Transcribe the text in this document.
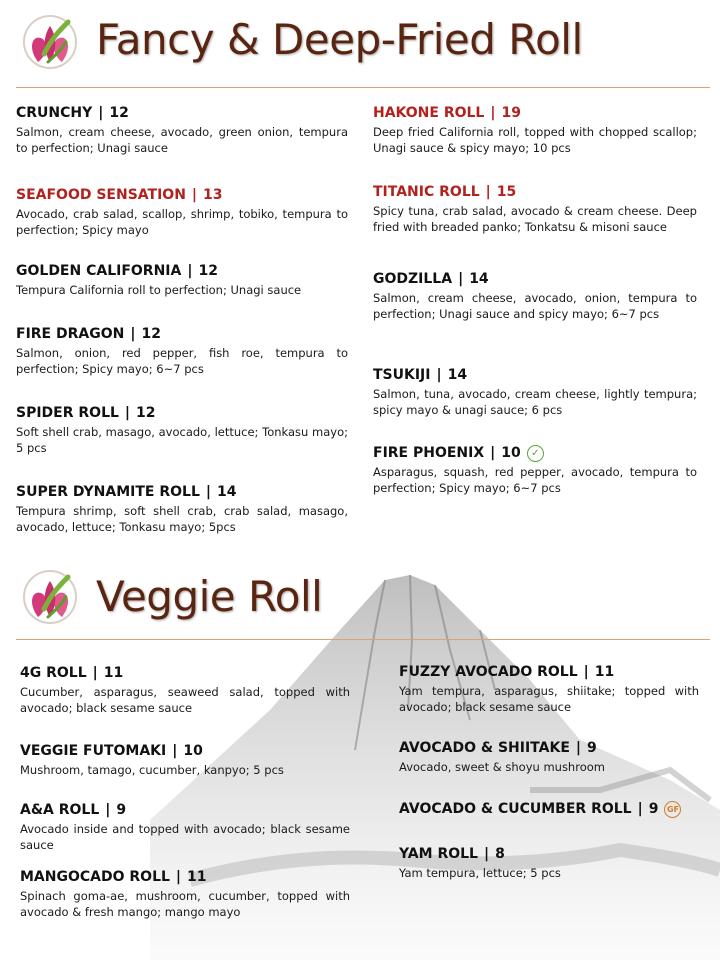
Fancy & Deep-Fried Roll
CRUNCHY | 12
Salmon, cream cheese, avocado, green onion, tempura to perfection; Unagi sauce
SEAFOOD SENSATION | 13
Avocado, crab salad, scallop, shrimp, tobiko, tempura to perfection; Spicy mayo
GOLDEN CALIFORNIA | 12
Tempura California roll to perfection; Unagi sauce
FIRE DRAGON | 12
Salmon, onion, red pepper, fish roe, tempura to perfection; Spicy mayo; 6~7 pcs
SPIDER ROLL | 12
Soft shell crab, masago, avocado, lettuce; Tonkasu mayo; 5 pcs
SUPER DYNAMITE ROLL | 14
Tempura shrimp, soft shell crab, crab salad, masago, avocado, lettuce; Tonkasu mayo; 5pcs
HAKONE ROLL | 19
Deep fried California roll, topped with chopped scallop; Unagi sauce & spicy mayo; 10 pcs
TITANIC ROLL | 15
Spicy tuna, crab salad, avocado & cream cheese. Deep fried with breaded panko; Tonkatsu & misoni sauce
GODZILLA | 14
Salmon, cream cheese, avocado, onion, tempura to perfection; Unagi sauce and spicy mayo; 6~7 pcs
TSUKIJI | 14
Salmon, tuna, avocado, cream cheese, lightly tempura; spicy mayo & unagi sauce; 6 pcs
FIRE PHOENIX | 10 ✓
Asparagus, squash, red pepper, avocado, tempura to perfection; Spicy mayo; 6~7 pcs
Veggie Roll
4G ROLL | 11
Cucumber, asparagus, seaweed salad, topped with avocado; black sesame sauce
VEGGIE FUTOMAKI | 10
Mushroom, tamago, cucumber, kanpyo; 5 pcs
A&A ROLL | 9
Avocado inside and topped with avocado; black sesame sauce
MANGOCADO ROLL | 11
Spinach goma-ae, mushroom, cucumber, topped with avocado & fresh mango; mango mayo
FUZZY AVOCADO ROLL | 11
Yam tempura, asparagus, shiitake; topped with avocado; black sesame sauce
AVOCADO & SHIITAKE | 9
Avocado, sweet & shoyu mushroom
AVOCADO & CUCUMBER ROLL | 9 GF
YAM ROLL | 8
Yam tempura, lettuce; 5 pcs
